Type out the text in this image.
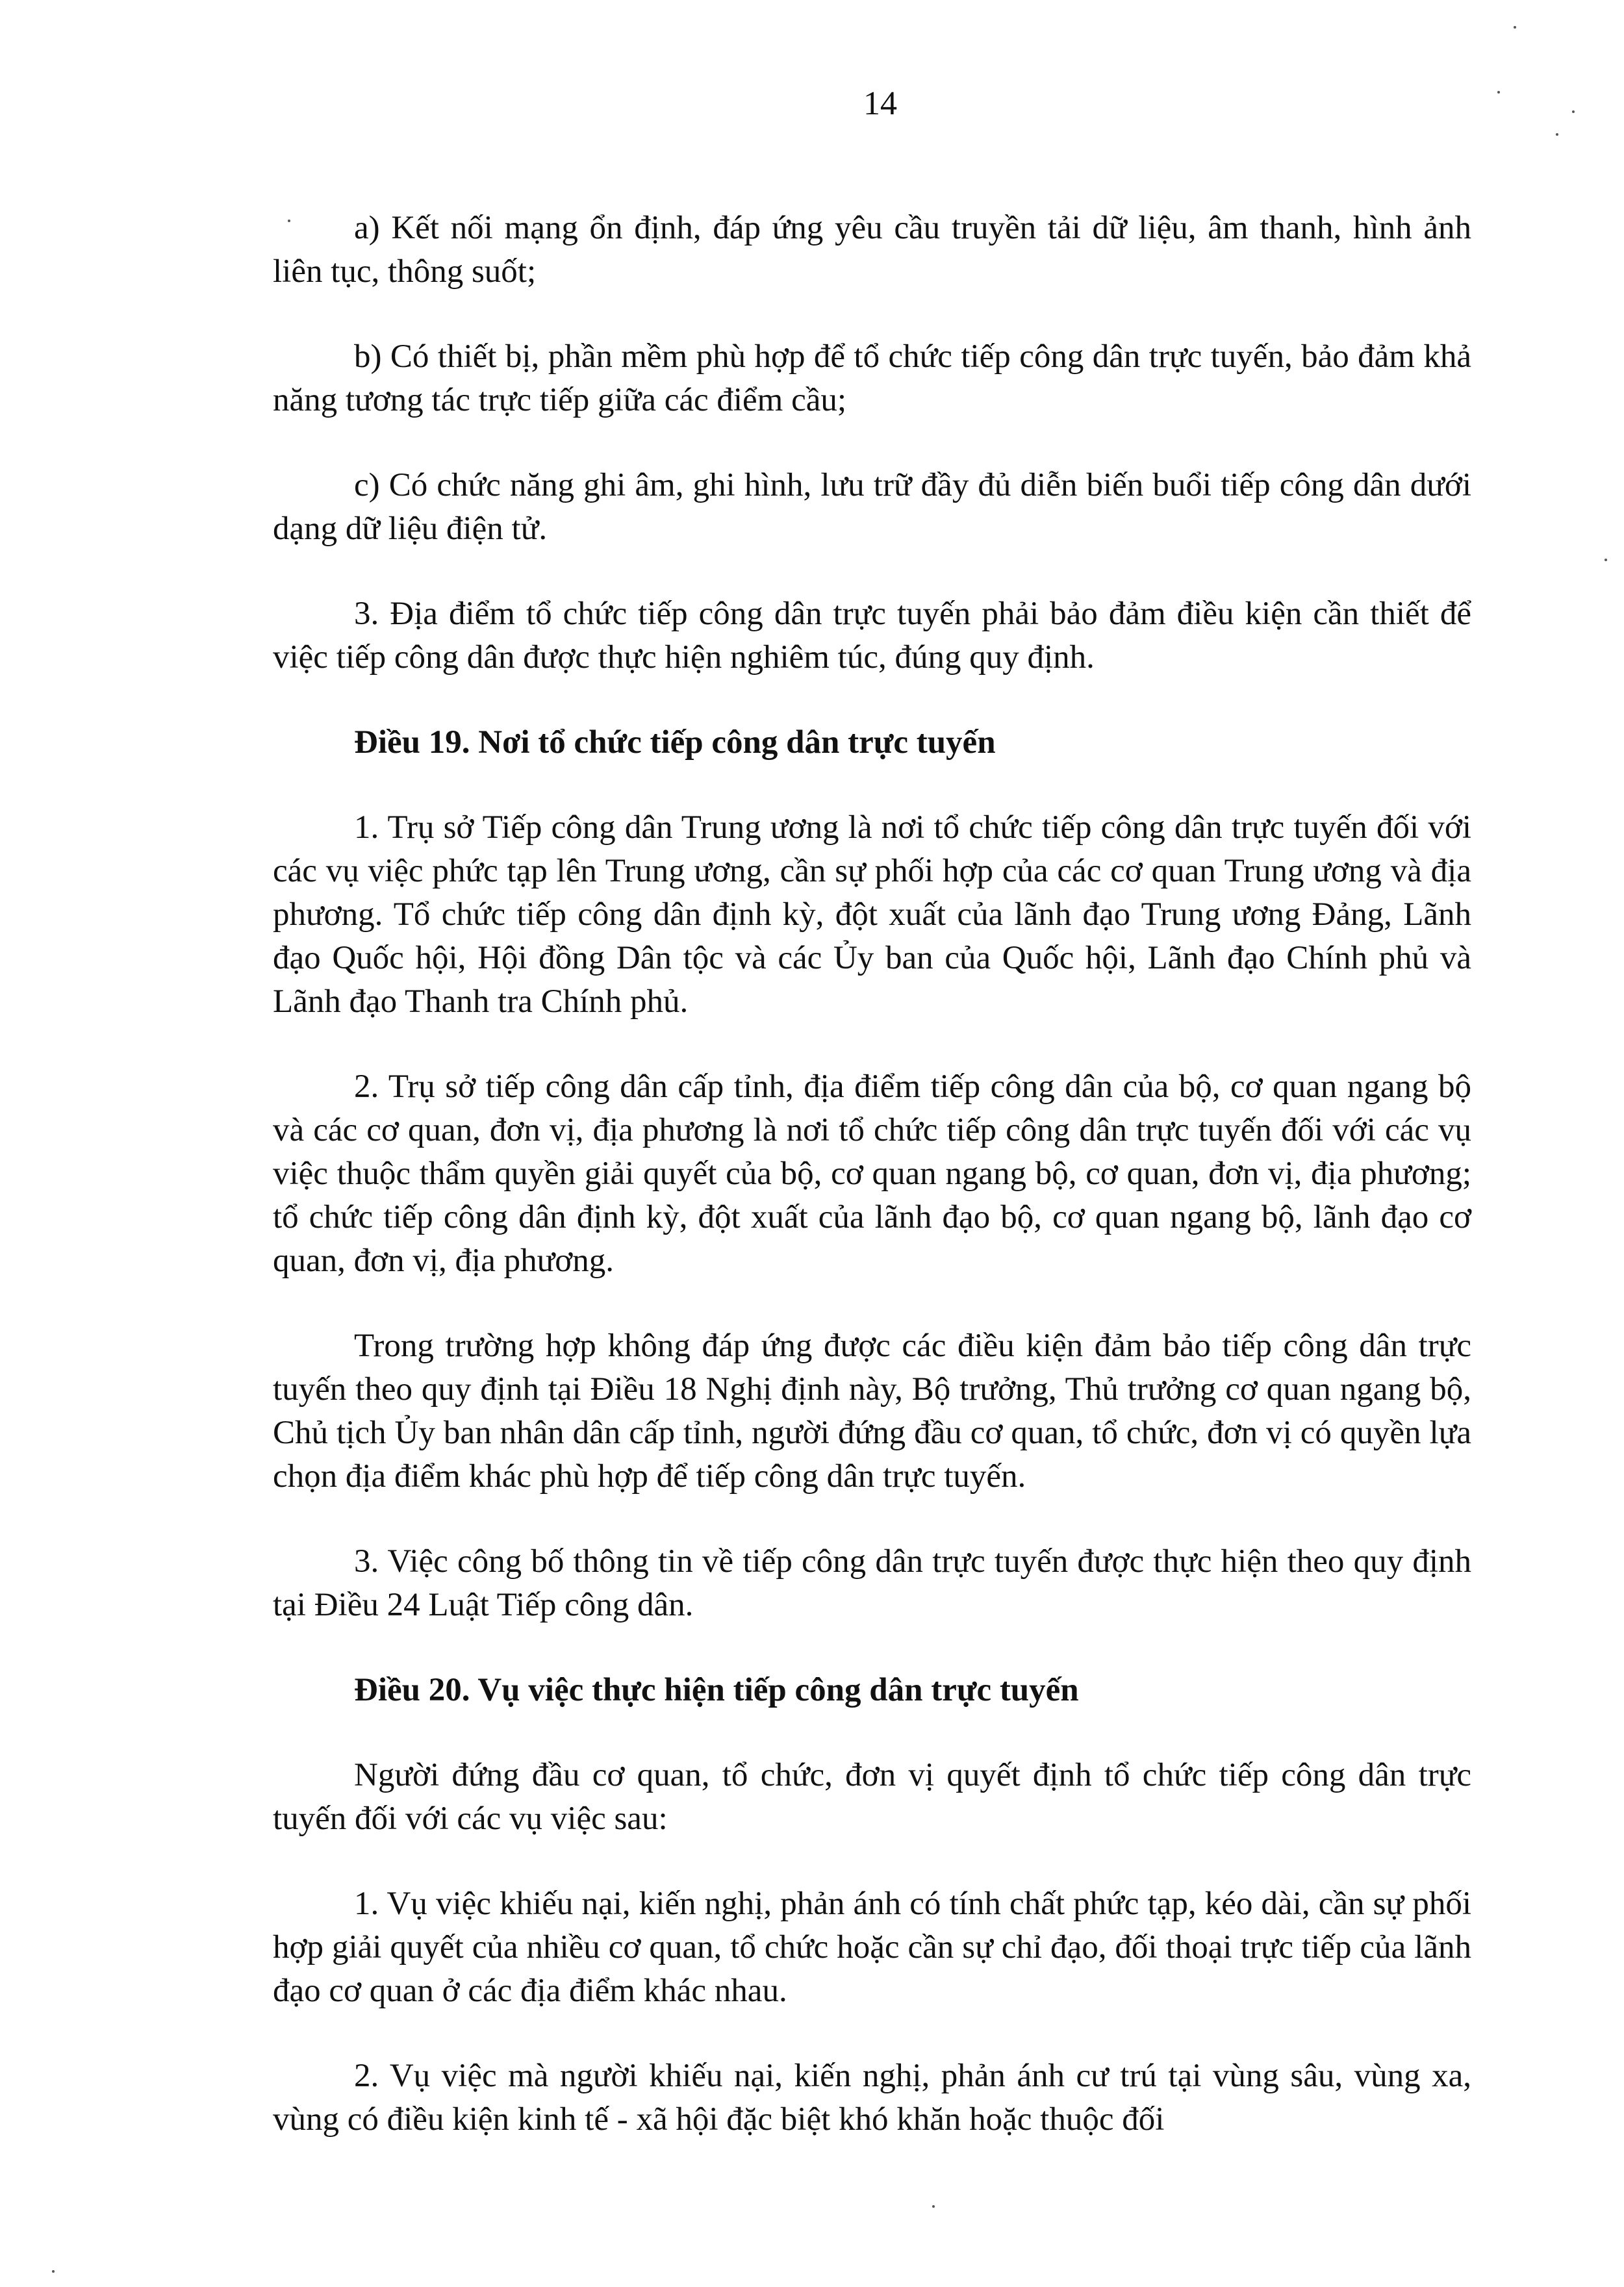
14

a) Kết nối mạng ổn định, đáp ứng yêu cầu truyền tải dữ liệu, âm thanh, hình ảnh liên tục, thông suốt;

b) Có thiết bị, phần mềm phù hợp để tổ chức tiếp công dân trực tuyến, bảo đảm khả năng tương tác trực tiếp giữa các điểm cầu;

c) Có chức năng ghi âm, ghi hình, lưu trữ đầy đủ diễn biến buổi tiếp công dân dưới dạng dữ liệu điện tử.

3. Địa điểm tổ chức tiếp công dân trực tuyến phải bảo đảm điều kiện cần thiết để việc tiếp công dân được thực hiện nghiêm túc, đúng quy định.

Điều 19. Nơi tổ chức tiếp công dân trực tuyến

1. Trụ sở Tiếp công dân Trung ương là nơi tổ chức tiếp công dân trực tuyến đối với các vụ việc phức tạp lên Trung ương, cần sự phối hợp của các cơ quan Trung ương và địa phương. Tổ chức tiếp công dân định kỳ, đột xuất của lãnh đạo Trung ương Đảng, Lãnh đạo Quốc hội, Hội đồng Dân tộc và các Ủy ban của Quốc hội, Lãnh đạo Chính phủ và Lãnh đạo Thanh tra Chính phủ.

2. Trụ sở tiếp công dân cấp tỉnh, địa điểm tiếp công dân của bộ, cơ quan ngang bộ và các cơ quan, đơn vị, địa phương là nơi tổ chức tiếp công dân trực tuyến đối với các vụ việc thuộc thẩm quyền giải quyết của bộ, cơ quan ngang bộ, cơ quan, đơn vị, địa phương; tổ chức tiếp công dân định kỳ, đột xuất của lãnh đạo bộ, cơ quan ngang bộ, lãnh đạo cơ quan, đơn vị, địa phương.

Trong trường hợp không đáp ứng được các điều kiện đảm bảo tiếp công dân trực tuyến theo quy định tại Điều 18 Nghị định này, Bộ trưởng, Thủ trưởng cơ quan ngang bộ, Chủ tịch Ủy ban nhân dân cấp tỉnh, người đứng đầu cơ quan, tổ chức, đơn vị có quyền lựa chọn địa điểm khác phù hợp để tiếp công dân trực tuyến.

3. Việc công bố thông tin về tiếp công dân trực tuyến được thực hiện theo quy định tại Điều 24 Luật Tiếp công dân.

Điều 20. Vụ việc thực hiện tiếp công dân trực tuyến

Người đứng đầu cơ quan, tổ chức, đơn vị quyết định tổ chức tiếp công dân trực tuyến đối với các vụ việc sau:

1. Vụ việc khiếu nại, kiến nghị, phản ánh có tính chất phức tạp, kéo dài, cần sự phối hợp giải quyết của nhiều cơ quan, tổ chức hoặc cần sự chỉ đạo, đối thoại trực tiếp của lãnh đạo cơ quan ở các địa điểm khác nhau.

2. Vụ việc mà người khiếu nại, kiến nghị, phản ánh cư trú tại vùng sâu, vùng xa, vùng có điều kiện kinh tế - xã hội đặc biệt khó khăn hoặc thuộc đối
